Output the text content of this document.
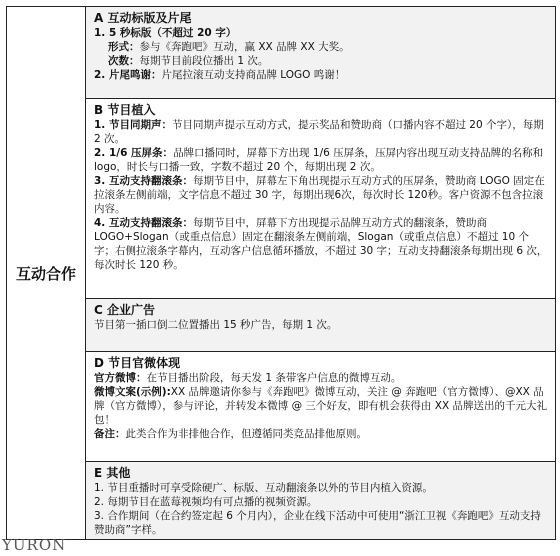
互动合作
A 互动标版及片尾
1. 5 秒标版（不超过 20 字）
形式：参与《奔跑吧》互动，赢 XX 品牌 XX 大奖。
次数：每期节目前段位播出 1 次。
2. 片尾鸣谢：片尾拉滚互动支持商品牌 LOGO 鸣谢！
B 节目植入
1. 节目同期声：节目同期声提示互动方式，提示奖品和赞助商（口播内容不超过 20 个字），每期 2 次。
2. 1/6 压屏条：品牌口播同时，屏幕下方出现 1/6 压屏条，压屏内容出现互动支持品牌的名称和 logo，时长与口播一致，字数不超过 20 个，每期出现 2 次。
3. 互动支持翻滚条：每期节目中，屏幕左下角出现提示互动方式的压屏条，赞助商 LOGO 固定在拉滚条左侧前端，文字信息不超过 30 字，每期出现6次，每次时长 120秒。客户资源不包含拉滚内容。
4. 互动支持翻滚条：每期节目中，屏幕下方出现提示品牌互动方式的翻滚条，赞助商 LOGO+Slogan（或重点信息）固定在翻滚条左侧前端，Slogan（或重点信息）不超过 10 个字；右侧拉滚条字幕内，互动客户信息循环播放，不超过 30 字；互动支持翻滚条每期出现 6 次，每次时长 120 秒。
C 企业广告
节目第一插口倒二位置播出 15 秒广告，每期 1 次。
D 节目官微体现
官方微博：在节目播出阶段，每天发 1 条带客户信息的微博互动。
微博文案(示例):XX 品牌邀请你参与《奔跑吧》微博互动，关注 @ 奔跑吧（官方微博）、@XX 品牌（官方微博），参与评论，并转发本微博 @ 三个好友，即有机会获得由 XX 品牌送出的千元大礼包！
备注：此类合作为非排他合作，但遵循同类竞品排他原则。
E 其他
1. 节目重播时可享受除硬广、标版、互动翻滚条以外的节目内植入资源。
2. 每期节目在蓝莓视频均有可点播的视频资源。
3. 合作期间（在合约签定起 6 个月内），企业在线下活动中可使用“浙江卫视《奔跑吧》互动支持赞助商”字样。
YURON
